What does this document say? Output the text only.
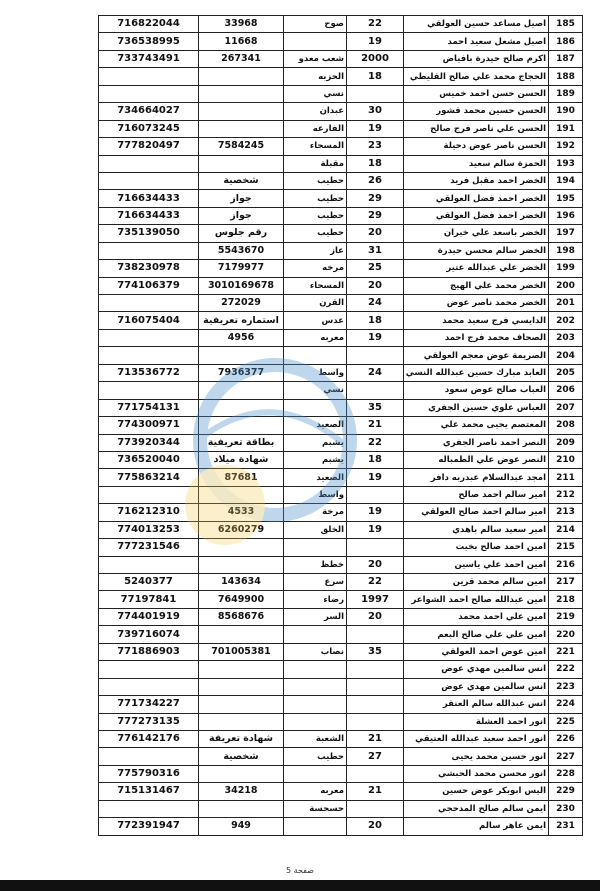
185	اصيل مساعد حسين العولقي	22	صوح	33968	716822044
186	اصيل مشعل سعيد احمد	19		11668	736538995
187	اكرم صالح حيدرة بافياض	2000	شعب معدو	267341	733743491
188	الحجاج محمد علي صالح القليطي	18	الحزبه		
189	الحسن حسن احمد خميس		نسي		
190	الحسن حسين محمد قشور	30	عبدان		734664027
191	الحسن علي ناصر فرج صالح	19	الفارعه		716073245
192	الحسن ناصر عوض دحيلة	23	المسحاء	7584245	777820497
193	الحمزة سالم سعيد	18	مقبلة		
194	الخضر احمد مقبل فريد	26	حطيب	شخصية	
195	الخضر احمد فضل العولقي	29	حطيب	جواز	716634433
196	الخضر احمد فضل العولقي	29	حطيب	جواز	716634433
197	الخضر باسعد علي خيران	20	حطيب	رقم جلوس	735139050
198	الخضر سالم محسن حيدرة	31	عاز	5543670	
199	الخضر علي عبدالله عتير	25	مرخه	7179977	738230978
200	الخضر محمد علي الهيج	20	المسحاء	3010169678	774106379
201	الخضر محمد ناصر عوض	24	القرن	272029	
202	الدايسي فرج سعيد محمد	18	عدس	استماره تعريفية	716075404
203	الصحاف محمد فرج احمد	19	معربه	4956	
204	الصريمة عوض معجم العولقي				
205	العابد مبارك حسين عبدالله النسي	24	واسط	7936377	713536772
206	العباب صالح عوض سعود		نسي		
207	العباس علوي حسين الجفري	35			771754131
208	المعتصم يحيى محمد علي	21	الصعيد		774300971
209	النصر احمد ناصر الجفري	22	يشبم	بطاقة تعريفية	773920344
210	النصر عوض علي الطمباله	18	يشبم	شهادة ميلاد	736520040
211	امجد عبدالسلام عبدربه دافر	19	الصعيد	87681	775863214
212	امير سالم احمد صالح		واسط		
213	امير سالم احمد صالح العولقي	19	مرخة	4533	716212310
214	امير سعيد سالم باهدي	19	الخلق	6260279	774013253
215	امين احمد صالح بخيت				777231546
216	امين احمد علي ياسين	20	خطظ		
217	امين سالم محمد قرين	22	سرع	143634	5240377
218	امين عبدالله صالح احمد الشواعر	1997	رضاء	7649900	77197841
219	امين علي احمد محمد	20	السر	8568676	774401919
220	امين علي علي صالح البعم				739716074
221	امين عوض احمد العولقي	35	نصاب	701005381	771886903
222	انس سالمين مهدي عوض				
223	انس سالمين مهدي عوض				
224	انس عبدالله سالم العنقر				771734227
225	انور احمد العشلة				777273135
226	انور احمد سعيد عبدالله العتيقي	21	الشعبة	شهادة تعريفة	776142176
227	انور حسين محمد يحيى	27	حطيب	شخصية	
228	انور محسن محمد الحبشي				775790316
229	اليس ابوبكر عوض حسين	21	معربه	34218	715131467
230	ايمن سالم صالح المدحجي		حسحسة		
231	ايمن عاهر سالم	20		949	772391947
صفحة 5
